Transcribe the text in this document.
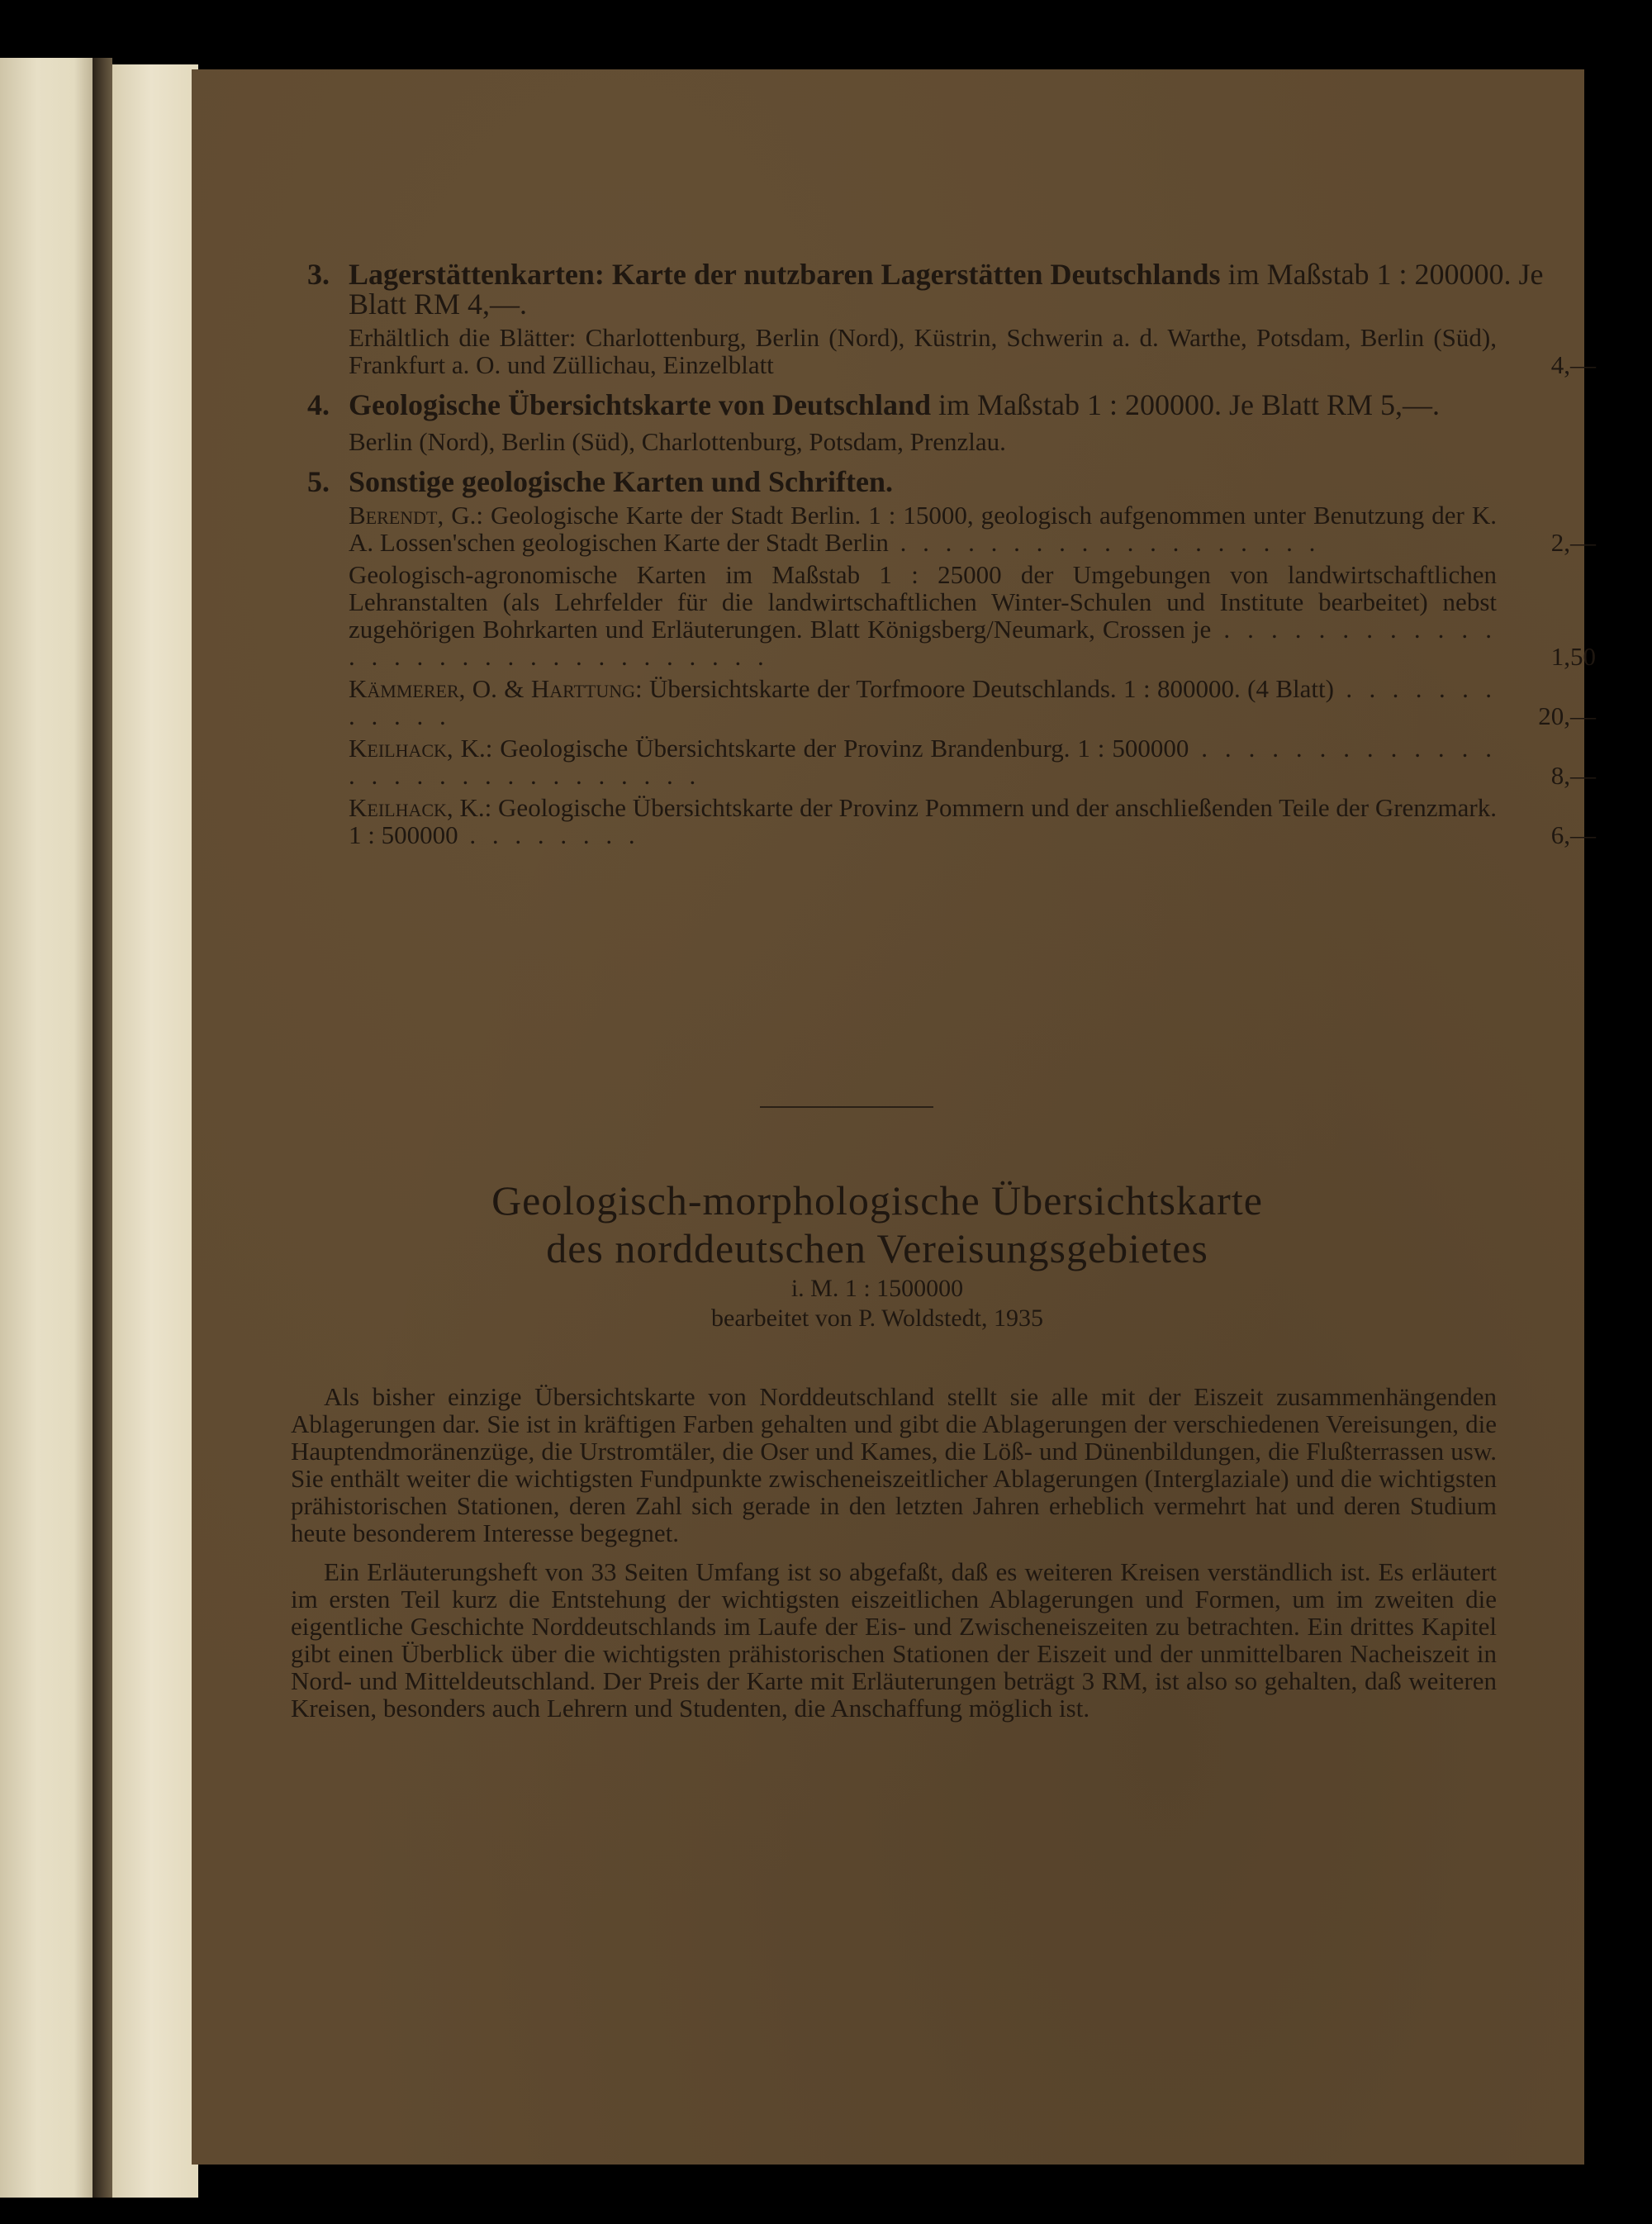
3. Lagerstättenkarten: Karte der nutzbaren Lagerstätten Deutschlands im Maßstab 1 : 200000. Je Blatt RM 4,—.
Erhältlich die Blätter: Charlottenburg, Berlin (Nord), Küstrin, Schwerin a. d. Warthe, Potsdam, Berlin (Süd), Frankfurt a. O. und Züllichau, Einzelblatt	4,—
4. Geologische Übersichtskarte von Deutschland im Maßstab 1 : 200000. Je Blatt RM 5,—.
Berlin (Nord), Berlin (Süd), Charlottenburg, Potsdam, Prenzlau.
5. Sonstige geologische Karten und Schriften.
Berendt, G.: Geologische Karte der Stadt Berlin. 1 : 15000, geologisch aufgenommen unter Benutzung der K. A. Lossen'schen geologischen Karte der Stadt Berlin . . . . . . . . . . . . . . . . . . .	2,—
Geologisch-agronomische Karten im Maßstab 1 : 25000 der Umgebungen von landwirtschaftlichen Lehranstalten (als Lehrfelder für die landwirtschaftlichen Winter-Schulen und Institute bearbeitet) nebst zugehörigen Bohrkarten und Erläuterungen. Blatt Königsberg/Neumark, Crossen je . . . . . . . . . . . . . . . . . . . . . . . . . . . . . . .	1,50
Kämmerer, O. & Harttung: Übersichtskarte der Torfmoore Deutschlands. 1 : 800000. (4 Blatt) . . . . . . . . . . . .	20,—
Keilhack, K.: Geologische Übersichtskarte der Provinz Brandenburg. 1 : 500000 . . . . . . . . . . . . . . . . . . . . . . . . . . . . .	8,—
Keilhack, K.: Geologische Übersichtskarte der Provinz Pommern und der anschließenden Teile der Grenzmark. 1 : 500000 . . . . . . . .	6,—
Geologisch-morphologische Übersichtskarte
des norddeutschen Vereisungsgebietes
i. M. 1 : 1500000
bearbeitet von P. Woldstedt, 1935

Als bisher einzige Übersichtskarte von Norddeutschland stellt sie alle mit der Eiszeit zusammenhängenden Ablagerungen dar. Sie ist in kräftigen Farben gehalten und gibt die Ablagerungen der verschiedenen Vereisungen, die Hauptendmoränenzüge, die Urstromtäler, die Oser und Kames, die Löß- und Dünenbildungen, die Flußterrassen usw. Sie enthält weiter die wichtigsten Fundpunkte zwischeneiszeitlicher Ablagerungen (Interglaziale) und die wichtigsten prähistorischen Stationen, deren Zahl sich gerade in den letzten Jahren erheblich vermehrt hat und deren Studium heute besonderem Interesse begegnet.

Ein Erläuterungsheft von 33 Seiten Umfang ist so abgefaßt, daß es weiteren Kreisen verständlich ist. Es erläutert im ersten Teil kurz die Entstehung der wichtigsten eiszeitlichen Ablagerungen und Formen, um im zweiten die eigentliche Geschichte Norddeutschlands im Laufe der Eis- und Zwischeneiszeiten zu betrachten. Ein drittes Kapitel gibt einen Überblick über die wichtigsten prähistorischen Stationen der Eiszeit und der unmittelbaren Nacheiszeit in Nord- und Mitteldeutschland. Der Preis der Karte mit Erläuterungen beträgt 3 RM, ist also so gehalten, daß weiteren Kreisen, besonders auch Lehrern und Studenten, die Anschaffung möglich ist.
